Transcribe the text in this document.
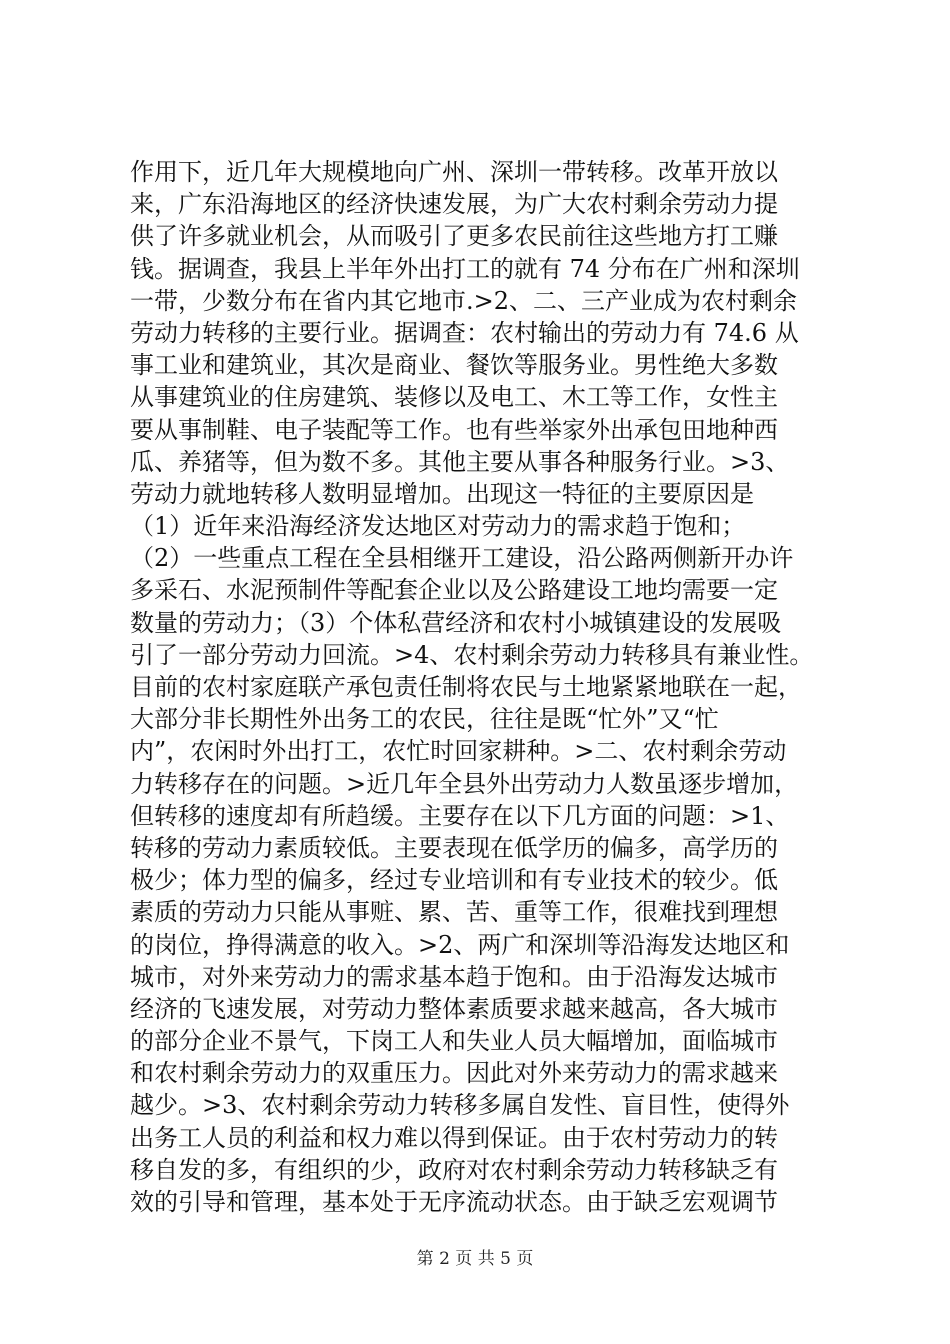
作用下，近几年大规模地向广州、深圳一带转移。改革开放以
来，广东沿海地区的经济快速发展，为广大农村剩余劳动力提
供了许多就业机会，从而吸引了更多农民前往这些地方打工赚
钱。据调查，我县上半年外出打工的就有 74 分布在广州和深圳
一带，少数分布在省内其它地市.>2、二、三产业成为农村剩余
劳动力转移的主要行业。据调查：农村输出的劳动力有 74.6 从
事工业和建筑业，其次是商业、餐饮等服务业。男性绝大多数
从事建筑业的住房建筑、装修以及电工、木工等工作，女性主
要从事制鞋、电子装配等工作。也有些举家外出承包田地种西
瓜、养猪等，但为数不多。其他主要从事各种服务行业。>3、
劳动力就地转移人数明显增加。出现这一特征的主要原因是
（1）近年来沿海经济发达地区对劳动力的需求趋于饱和；
（2）一些重点工程在全县相继开工建设，沿公路两侧新开办许
多采石、水泥预制件等配套企业以及公路建设工地均需要一定
数量的劳动力；（3）个体私营经济和农村小城镇建设的发展吸
引了一部分劳动力回流。>4、农村剩余劳动力转移具有兼业性。
目前的农村家庭联产承包责任制将农民与土地紧紧地联在一起，
大部分非长期性外出务工的农民，往往是既“忙外”又“忙
内”，农闲时外出打工，农忙时回家耕种。>二、农村剩余劳动
力转移存在的问题。>近几年全县外出劳动力人数虽逐步增加，
但转移的速度却有所趋缓。主要存在以下几方面的问题：>1、
转移的劳动力素质较低。主要表现在低学历的偏多，高学历的
极少；体力型的偏多，经过专业培训和有专业技术的较少。低
素质的劳动力只能从事赃、累、苦、重等工作，很难找到理想
的岗位，挣得满意的收入。>2、两广和深圳等沿海发达地区和
城市，对外来劳动力的需求基本趋于饱和。由于沿海发达城市
经济的飞速发展，对劳动力整体素质要求越来越高，各大城市
的部分企业不景气，下岗工人和失业人员大幅增加，面临城市
和农村剩余劳动力的双重压力。因此对外来劳动力的需求越来
越少。>3、农村剩余劳动力转移多属自发性、盲目性，使得外
出务工人员的利益和权力难以得到保证。由于农村劳动力的转
移自发的多，有组织的少，政府对农村剩余劳动力转移缺乏有
效的引导和管理，基本处于无序流动状态。由于缺乏宏观调节
第 2 页 共 5 页
